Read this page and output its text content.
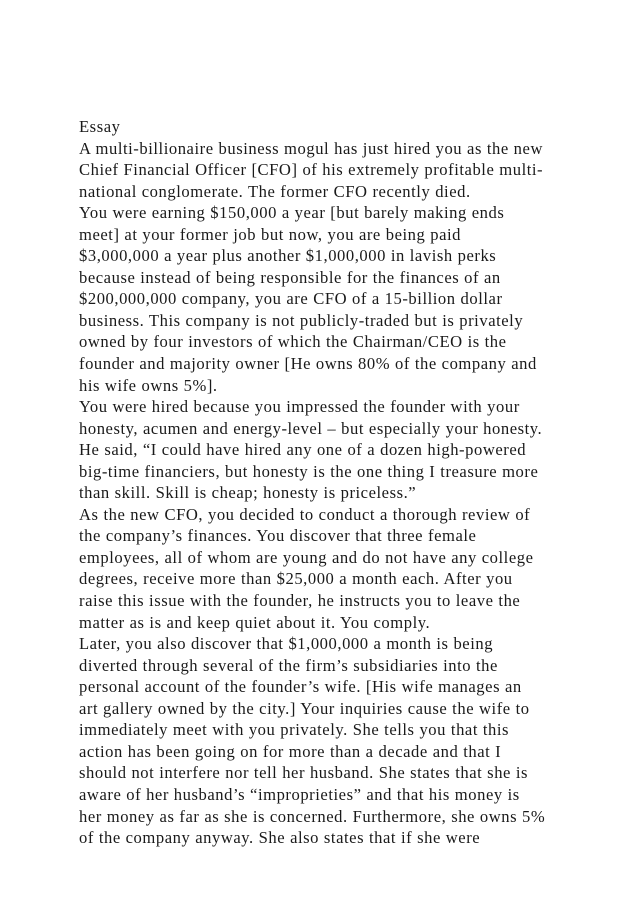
Essay
A multi-billionaire business mogul has just hired you as the new
Chief Financial Officer [CFO] of his extremely profitable multi-
national conglomerate. The former CFO recently died.
You were earning $150,000 a year [but barely making ends
meet] at your former job but now, you are being paid
$3,000,000 a year plus another $1,000,000 in lavish perks
because instead of being responsible for the finances of an
$200,000,000 company, you are CFO of a 15-billion dollar
business. This company is not publicly-traded but is privately
owned by four investors of which the Chairman/CEO is the
founder and majority owner [He owns 80% of the company and
his wife owns 5%].
You were hired because you impressed the founder with your
honesty, acumen and energy-level – but especially your honesty.
He said, “I could have hired any one of a dozen high-powered
big-time financiers, but honesty is the one thing I treasure more
than skill. Skill is cheap; honesty is priceless.”
As the new CFO, you decided to conduct a thorough review of
the company’s finances. You discover that three female
employees, all of whom are young and do not have any college
degrees, receive more than $25,000 a month each. After you
raise this issue with the founder, he instructs you to leave the
matter as is and keep quiet about it. You comply.
Later, you also discover that $1,000,000 a month is being
diverted through several of the firm’s subsidiaries into the
personal account of the founder’s wife. [His wife manages an
art gallery owned by the city.] Your inquiries cause the wife to
immediately meet with you privately. She tells you that this
action has been going on for more than a decade and that I
should not interfere nor tell her husband. She states that she is
aware of her husband’s “improprieties” and that his money is
her money as far as she is concerned. Furthermore, she owns 5%
of the company anyway. She also states that if she were
